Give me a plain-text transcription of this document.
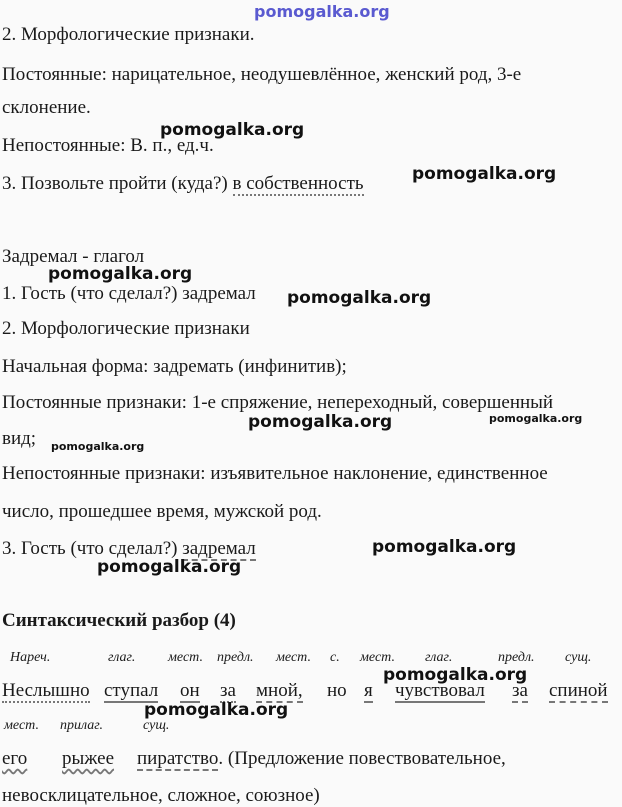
pomogalka.org
2. Морфологические признаки.
Постоянные: нарицательное, неодушевлённое, женский род, 3-е
склонение.
Непостоянные: В. п., ед.ч.
3. Позвольте пройти (куда?) в собственность
pomogalka.org
pomogalka.org
Задремал - глагол
pomogalka.org
1. Гость (что сделал?) задремал pomogalka.org
2. Морфологические признаки
Начальная форма: задремать (инфинитив);
Постоянные признаки: 1-е спряжение, непереходный, совершенный
вид; pomogalka.org
pomogalka.org	pomogalka.org
Непостоянные признаки: изъявительное наклонение, единственное
число, прошедшее время, мужской род.
3. Гость (что сделал?) задремал	pomogalka.org
pomogalka.org
Синтаксический разбор (4)
Нареч.	глаг. мест. предл. мест. с. мест. глаг.	предл. сущ.
pomogalka.org
Неслышно ступал он за мной, но я чувствовал за спиной
pomogalka.org
мест. прилаг.	сущ.
его рыжее пиратство. (Предложение повествовательное,
невосклицательное, сложное, союзное)
